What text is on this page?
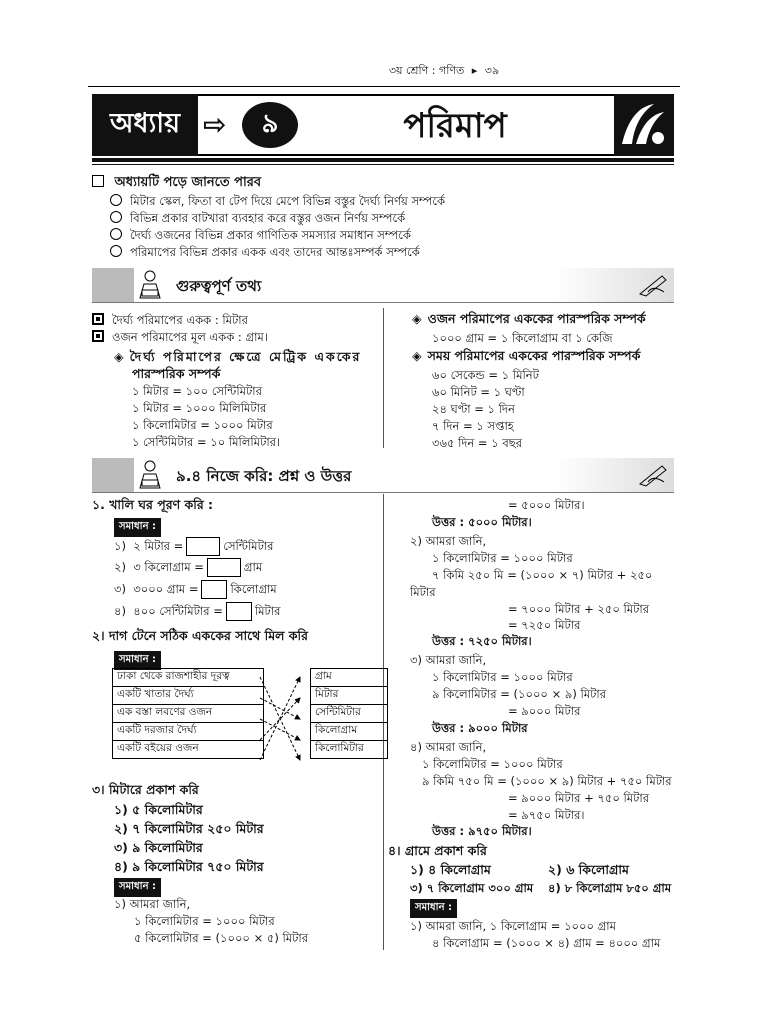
৩য় শ্রেণি : গণিত ▸ ৩৯
অধ্যায় ⇨	৯	পরিমাপ
অধ্যায়টি পড়ে জানতে পারব
মিটার স্কেল, ফিতা বা টেপ দিয়ে মেপে বিভিন্ন বস্তুর দৈর্ঘ্য নির্ণয় সম্পর্কে
বিভিন্ন প্রকার বাটখারা ব্যবহার করে বস্তুর ওজন নির্ণয় সম্পর্কে
দৈর্ঘ্য ওজনের বিভিন্ন প্রকার গাণিতিক সমস্যার সমাধান সম্পর্কে
পরিমাপের বিভিন্ন প্রকার একক এবং তাদের আন্তঃসম্পর্ক সম্পর্কে
গুরুত্বপূর্ণ তথ্য
দৈর্ঘ্য পরিমাপের একক : মিটার
ওজন পরিমাপের মূল একক : গ্রাম।
◈ দৈর্ঘ্য পরিমাপের ক্ষেত্রে মেট্রিক এককের
পারস্পরিক সম্পর্ক
১ মিটার = ১০০ সেন্টিমিটার
১ মিটার = ১০০০ মিলিমিটার
১ কিলোমিটার = ১০০০ মিটার
১ সেন্টিমিটার = ১০ মিলিমিটার।
◈ ওজন পরিমাপের এককের পারস্পরিক সম্পর্ক
১০০০ গ্রাম = ১ কিলোগ্রাম বা ১ কেজি
◈ সময় পরিমাপের এককের পারস্পরিক সম্পর্ক
৬০ সেকেন্ড = ১ মিনিট
৬০ মিনিট = ১ ঘণ্টা
২৪ ঘণ্টা = ১ দিন
৭ দিন = ১ সপ্তাহ
৩৬৫ দিন = ১ বছর
৯.৪ নিজে করি: প্রশ্ন ও উত্তর
১. খালি ঘর পূরণ করি :
সমাধান :
১) ২ মিটার =	সেন্টিমিটার
২) ৩ কিলোগ্রাম =	গ্রাম
৩) ৩০০০ গ্রাম =	কিলোগ্রাম
৪) ৪০০ সেন্টিমিটার =	মিটার
২। দাগ টেনে সঠিক এককের সাথে মিল করি
সমাধান :
ঢাকা থেকে রাজশাহীর দূরত্ব		গ্রাম
একটি খাতার দৈর্ঘ্য		মিটার
এক বস্তা লবণের ওজন		সেন্টিমিটার
একটি দরজার দৈর্ঘ্য		কিলোগ্রাম
একটি বইয়ের ওজন		কিলোমিটার
৩। মিটারে প্রকাশ করি
১) ৫ কিলোমিটার
২) ৭ কিলোমিটার ২৫০ মিটার
৩) ৯ কিলোমিটার
৪) ৯ কিলোমিটার ৭৫০ মিটার
সমাধান :
১) আমরা জানি,
১ কিলোমিটার = ১০০০ মিটার
৫ কিলোমিটার = (১০০০ × ৫) মিটার
= ৫০০০ মিটার।
উত্তর : ৫০০০ মিটার।
২) আমরা জানি,
১ কিলোমিটার = ১০০০ মিটার
৭ কিমি ২৫০ মি = (১০০০ × ৭) মিটার + ২৫০
মিটার
= ৭০০০ মিটার + ২৫০ মিটার
= ৭২৫০ মিটার
উত্তর : ৭২৫০ মিটার।
৩) আমরা জানি,
১ কিলোমিটার = ১০০০ মিটার
৯ কিলোমিটার = (১০০০ × ৯) মিটার
= ৯০০০ মিটার
উত্তর : ৯০০০ মিটার
৪) আমরা জানি,
১ কিলোমিটার = ১০০০ মিটার
৯ কিমি ৭৫০ মি = (১০০০ × ৯) মিটার + ৭৫০ মিটার
= ৯০০০ মিটার + ৭৫০ মিটার
= ৯৭৫০ মিটার।
উত্তর : ৯৭৫০ মিটার।
৪। গ্রামে প্রকাশ করি
১) ৪ কিলোগ্রাম	২) ৬ কিলোগ্রাম
৩) ৭ কিলোগ্রাম ৩০০ গ্রাম ৪) ৮ কিলোগ্রাম ৮৫০ গ্রাম
সমাধান :
১) আমরা জানি, ১ কিলোগ্রাম = ১০০০ গ্রাম
৪ কিলোগ্রাম = (১০০০ × ৪) গ্রাম = ৪০০০ গ্রাম
